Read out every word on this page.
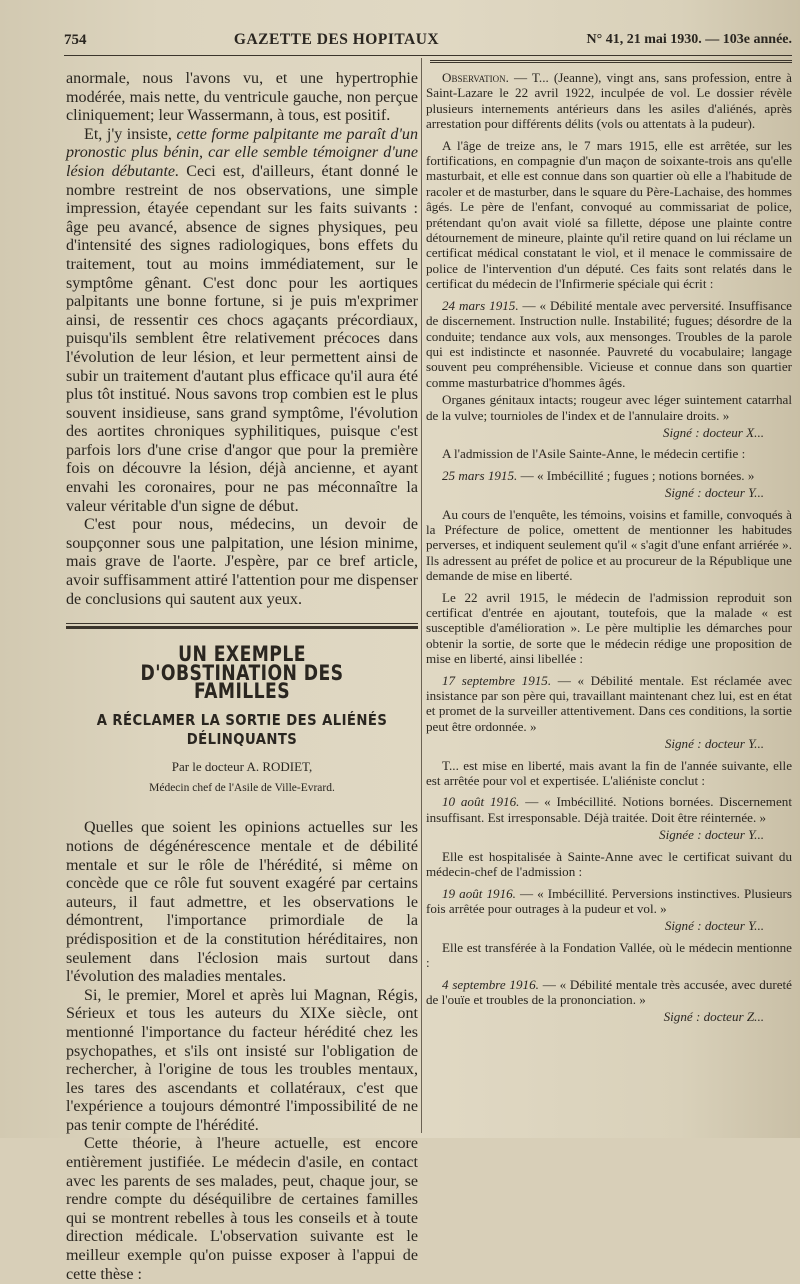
754	GAZETTE DES HOPITAUX	N° 41, 21 mai 1930. — 103e année.

anormale, nous l'avons vu, et une hypertrophie modérée, mais nette, du ventricule gauche, non perçue cliniquement; leur Wassermann, à tous, est positif.

Et, j'y insiste, cette forme palpitante me paraît d'un pronostic plus bénin, car elle semble témoigner d'une lésion débutante. Ceci est, d'ailleurs, étant donné le nombre restreint de nos observations, une simple impression, étayée cependant sur les faits suivants : âge peu avancé, absence de signes physiques, peu d'intensité des signes radiologiques, bons effets du traitement, tout au moins immédiatement, sur le symptôme gênant. C'est donc pour les aortiques palpitants une bonne fortune, si je puis m'exprimer ainsi, de ressentir ces chocs agaçants précordiaux, puisqu'ils semblent être relativement précoces dans l'évolution de leur lésion, et leur permettent ainsi de subir un traitement d'autant plus efficace qu'il aura été plus tôt institué. Nous savons trop combien est le plus souvent insidieuse, sans grand symptôme, l'évolution des aortites chroniques syphilitiques, puisque c'est parfois lors d'une crise d'angor que pour la première fois on découvre la lésion, déjà ancienne, et ayant envahi les coronaires, pour ne pas méconnaître la valeur véritable d'un signe de début.

C'est pour nous, médecins, un devoir de soupçonner sous une palpitation, une lésion minime, mais grave de l'aorte. J'espère, par ce bref article, avoir suffisamment attiré l'attention pour me dispenser de conclusions qui sautent aux yeux.

UN EXEMPLE D'OBSTINATION DES FAMILLES
A RÉCLAMER LA SORTIE DES ALIÉNÉS DÉLINQUANTS
Par le docteur A. RODIET,
Médecin chef de l'Asile de Ville-Evrard.

Quelles que soient les opinions actuelles sur les notions de dégénérescence mentale et de débilité mentale et sur le rôle de l'hérédité, si même on concède que ce rôle fut souvent exagéré par certains auteurs, il faut admettre, et les observations le démontrent, l'importance primordiale de la prédisposition et de la constitution héréditaires, non seulement dans l'éclosion mais surtout dans l'évolution des maladies mentales.

Si, le premier, Morel et après lui Magnan, Régis, Sérieux et tous les auteurs du XIXe siècle, ont mentionné l'importance du facteur hérédité chez les psychopathes, et s'ils ont insisté sur l'obligation de rechercher, à l'origine de tous les troubles mentaux, les tares des ascendants et collatéraux, c'est que l'expérience a toujours démontré l'impossibilité de ne pas tenir compte de l'hérédité.

Cette théorie, à l'heure actuelle, est encore entièrement justifiée. Le médecin d'asile, en contact avec les parents de ses malades, peut, chaque jour, se rendre compte du déséquilibre de certaines familles qui se montrent rebelles à tous les conseils et à toute direction médicale. L'observation suivante est le meilleur exemple qu'on puisse exposer à l'appui de cette thèse :

Observation. — T... (Jeanne), vingt ans, sans profession, entre à Saint-Lazare le 22 avril 1922, inculpée de vol. Le dossier révèle plusieurs internements antérieurs dans les asiles d'aliénés, après arrestation pour différents délits (vols ou attentats à la pudeur).

A l'âge de treize ans, le 7 mars 1915, elle est arrêtée, sur les fortifications, en compagnie d'un maçon de soixante-trois ans qu'elle masturbait, et elle est connue dans son quartier où elle a l'habitude de racoler et de masturber, dans le square du Père-Lachaise, des hommes âgés. Le père de l'enfant, convoqué au commissariat de police, prétendant qu'on avait violé sa fillette, dépose une plainte contre détournement de mineure, plainte qu'il retire quand on lui réclame un certificat médical constatant le viol, et il menace le commissaire de police de l'intervention d'un député. Ces faits sont relatés dans le certificat du médecin de l'Infirmerie spéciale qui écrit :

24 mars 1915. — « Débilité mentale avec perversité. Insuffisance de discernement. Instruction nulle. Instabilité; fugues; désordre de la conduite; tendance aux vols, aux mensonges. Troubles de la parole qui est indistincte et nasonnée. Pauvreté du vocabulaire; langage souvent peu compréhensible. Vicieuse et connue dans son quartier comme masturbatrice d'hommes âgés.

Organes génitaux intacts; rougeur avec léger suintement catarrhal de la vulve; tournioles de l'index et de l'annulaire droits. »

Signé : docteur X...

A l'admission de l'Asile Sainte-Anne, le médecin certifie :

25 mars 1915. — « Imbécillité ; fugues ; notions bornées. »

Signé : docteur Y...

Au cours de l'enquête, les témoins, voisins et famille, convoqués à la Préfecture de police, omettent de mentionner les habitudes perverses, et indiquent seulement qu'il « s'agit d'une enfant arriérée ». Ils adressent au préfet de police et au procureur de la République une demande de mise en liberté.

Le 22 avril 1915, le médecin de l'admission reproduit son certificat d'entrée en ajoutant, toutefois, que la malade « est susceptible d'amélioration ». Le père multiplie les démarches pour obtenir la sortie, de sorte que le médecin rédige une proposition de mise en liberté, ainsi libellée :

17 septembre 1915. — « Débilité mentale. Est réclamée avec insistance par son père qui, travaillant maintenant chez lui, est en état et promet de la surveiller attentivement. Dans ces conditions, la sortie peut être ordonnée. »

Signé : docteur Y...

T... est mise en liberté, mais avant la fin de l'année suivante, elle est arrêtée pour vol et expertisée. L'aliéniste conclut :

10 août 1916. — « Imbécillité. Notions bornées. Discernement insuffisant. Est irresponsable. Déjà traitée. Doit être réinternée. »

Signée : docteur Y...

Elle est hospitalisée à Sainte-Anne avec le certificat suivant du médecin-chef de l'admission :

19 août 1916. — « Imbécillité. Perversions instinctives. Plusieurs fois arrêtée pour outrages à la pudeur et vol. »

Signé : docteur Y...

Elle est transférée à la Fondation Vallée, où le médecin mentionne :

4 septembre 1916. — « Débilité mentale très accusée, avec dureté de l'ouïe et troubles de la prononciation. »

Signé : docteur Z...
